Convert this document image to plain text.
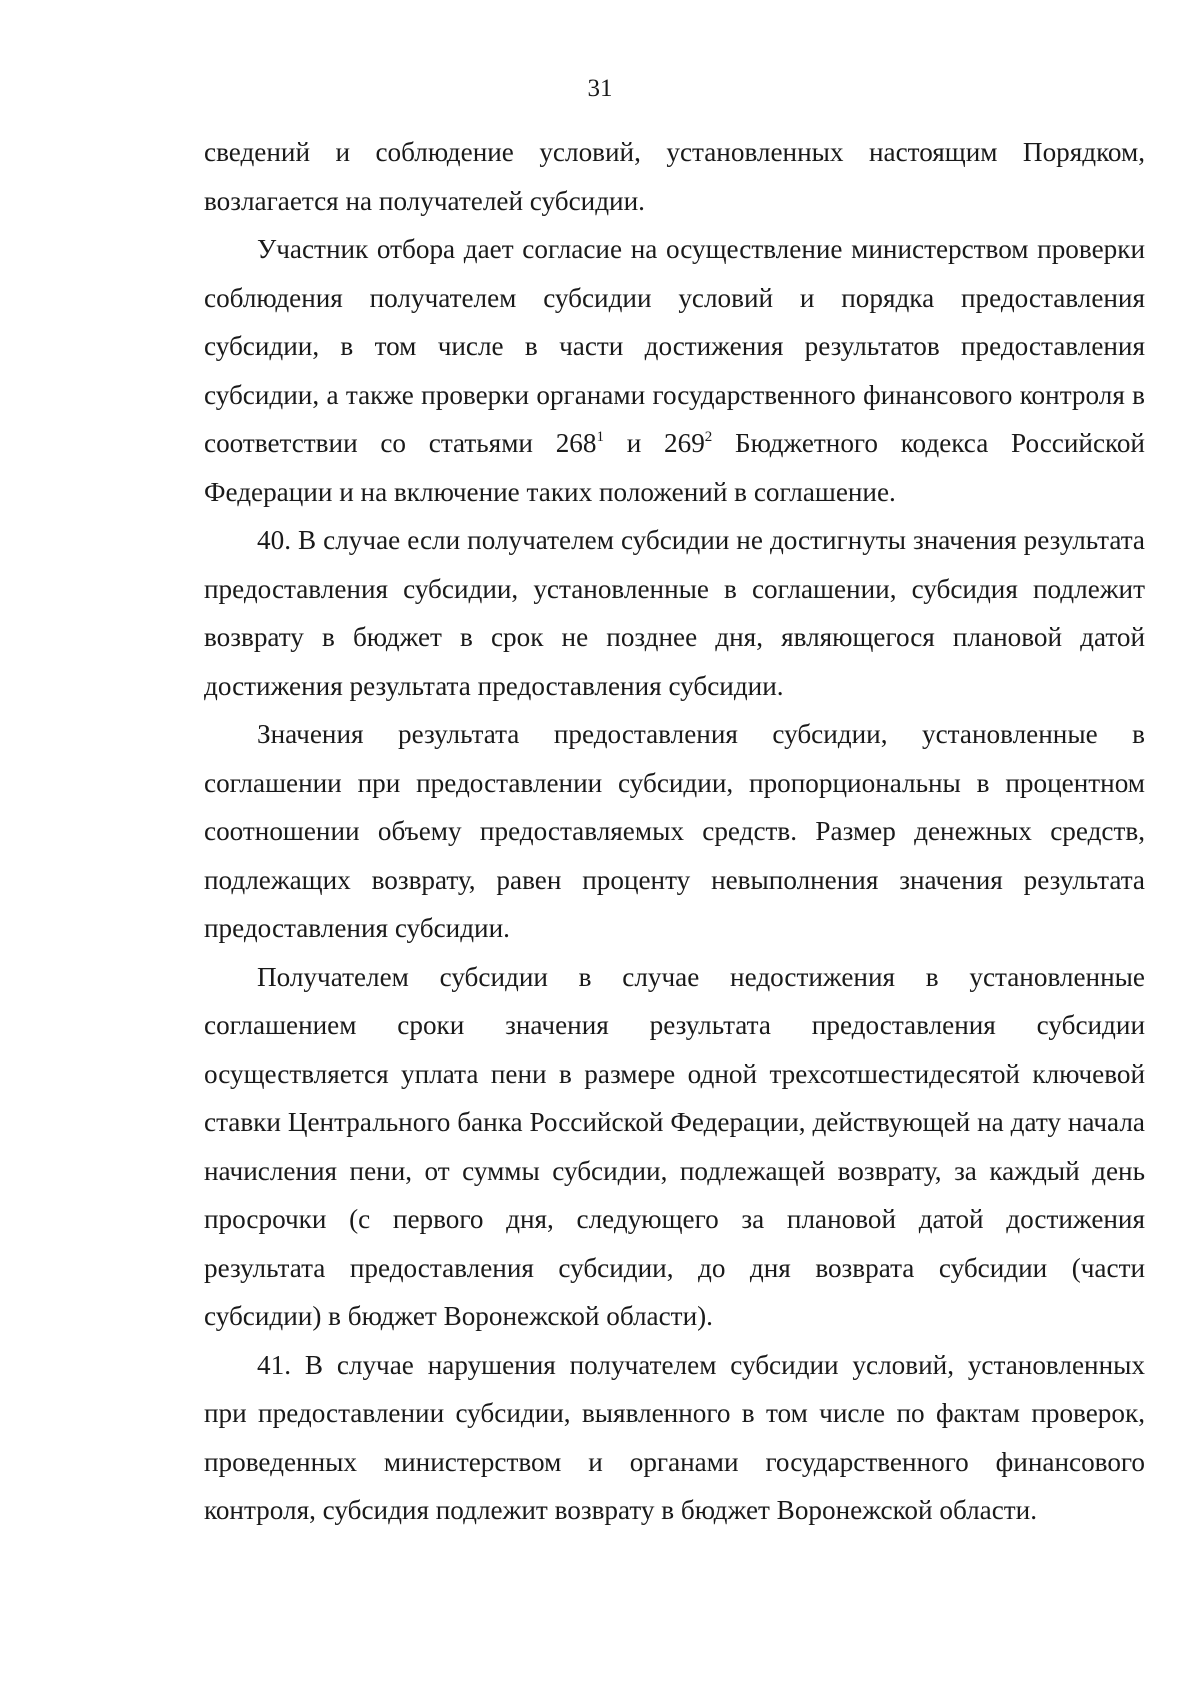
31

сведений и соблюдение условий, установленных настоящим Порядком, возлагается на получателей субсидии.

Участник отбора дает согласие на осуществление министерством проверки соблюдения получателем субсидии условий и порядка предоставления субсидии, в том числе в части достижения результатов предоставления субсидии, а также проверки органами государственного финансового контроля в соответствии со статьями $268^1$ и $269^2$ Бюджетного кодекса Российской Федерации и на включение таких положений в соглашение.

40. В случае если получателем субсидии не достигнуты значения результата предоставления субсидии, установленные в соглашении, субсидия подлежит возврату в бюджет в срок не позднее дня, являющегося плановой датой достижения результата предоставления субсидии.

Значения результата предоставления субсидии, установленные в соглашении при предоставлении субсидии, пропорциональны в процентном соотношении объему предоставляемых средств. Размер денежных средств, подлежащих возврату, равен проценту невыполнения значения результата предоставления субсидии.

Получателем субсидии в случае недостижения в установленные соглашением сроки значения результата предоставления субсидии осуществляется уплата пени в размере одной трехсотшестидесятой ключевой ставки Центрального банка Российской Федерации, действующей на дату начала начисления пени, от суммы субсидии, подлежащей возврату, за каждый день просрочки (с первого дня, следующего за плановой датой достижения результата предоставления субсидии, до дня возврата субсидии (части субсидии) в бюджет Воронежской области).

41. В случае нарушения получателем субсидии условий, установленных при предоставлении субсидии, выявленного в том числе по фактам проверок, проведенных министерством и органами государственного финансового контроля, субсидия подлежит возврату в бюджет Воронежской области.
